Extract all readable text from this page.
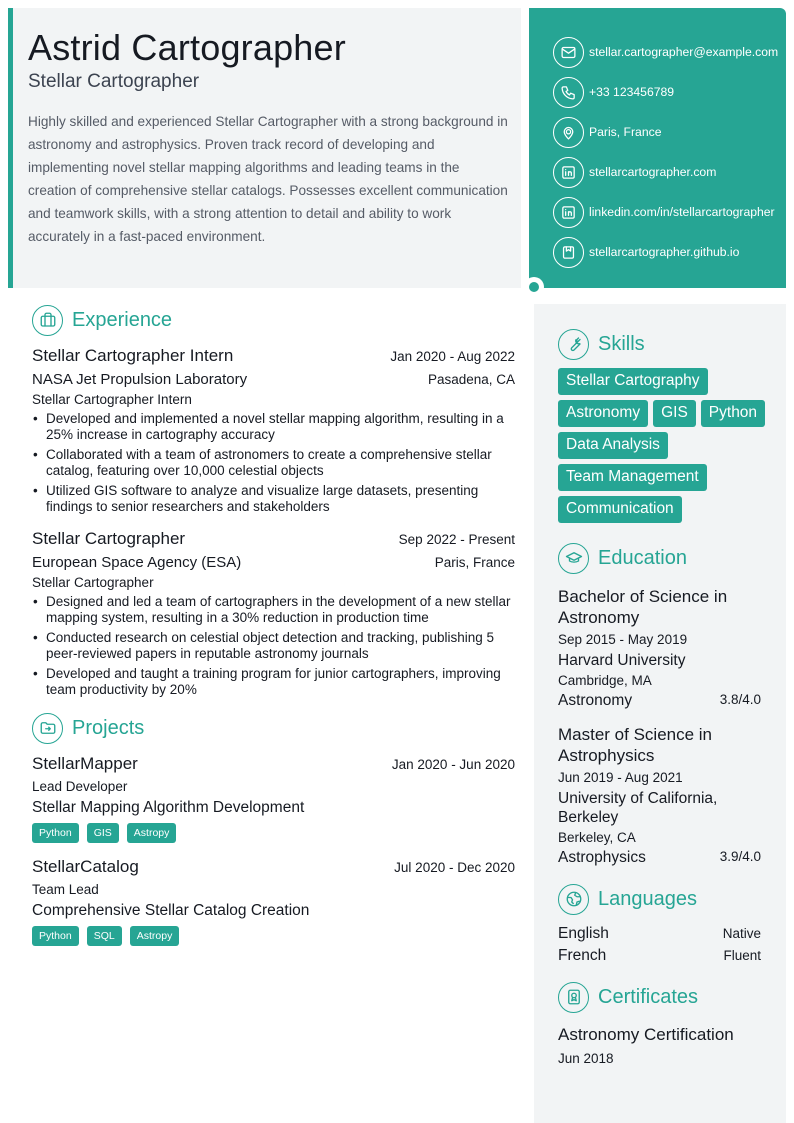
Astrid Cartographer
Stellar Cartographer
Highly skilled and experienced Stellar Cartographer with a strong background in astronomy and astrophysics. Proven track record of developing and implementing novel stellar mapping algorithms and leading teams in the creation of comprehensive stellar catalogs. Possesses excellent communication and teamwork skills, with a strong attention to detail and ability to work accurately in a fast-paced environment.
stellar.cartographer@example.com
+33 123456789
Paris, France
stellarcartographer.com
linkedin.com/in/stellarcartographer
stellarcartographer.github.io
Experience
Stellar Cartographer Intern	Jan 2020 - Aug 2022
NASA Jet Propulsion Laboratory	Pasadena, CA
Stellar Cartographer Intern
• Developed and implemented a novel stellar mapping algorithm, resulting in a 25% increase in cartography accuracy
• Collaborated with a team of astronomers to create a comprehensive stellar catalog, featuring over 10,000 celestial objects
• Utilized GIS software to analyze and visualize large datasets, presenting findings to senior researchers and stakeholders
Stellar Cartographer	Sep 2022 - Present
European Space Agency (ESA)	Paris, France
Stellar Cartographer
• Designed and led a team of cartographers in the development of a new stellar mapping system, resulting in a 30% reduction in production time
• Conducted research on celestial object detection and tracking, publishing 5 peer-reviewed papers in reputable astronomy journals
• Developed and taught a training program for junior cartographers, improving team productivity by 20%
Projects
StellarMapper	Jan 2020 - Jun 2020
Lead Developer
Stellar Mapping Algorithm Development
Python	GIS	Astropy
StellarCatalog	Jul 2020 - Dec 2020
Team Lead
Comprehensive Stellar Catalog Creation
Python	SQL	Astropy
Skills
Stellar Cartography
Astronomy	GIS	Python
Data Analysis
Team Management
Communication
Education
Bachelor of Science in Astronomy
Sep 2015 - May 2019
Harvard University
Cambridge, MA
Astronomy	3.8/4.0
Master of Science in Astrophysics
Jun 2019 - Aug 2021
University of California, Berkeley
Berkeley, CA
Astrophysics	3.9/4.0
Languages
English	Native
French	Fluent
Certificates
Astronomy Certification
Jun 2018
